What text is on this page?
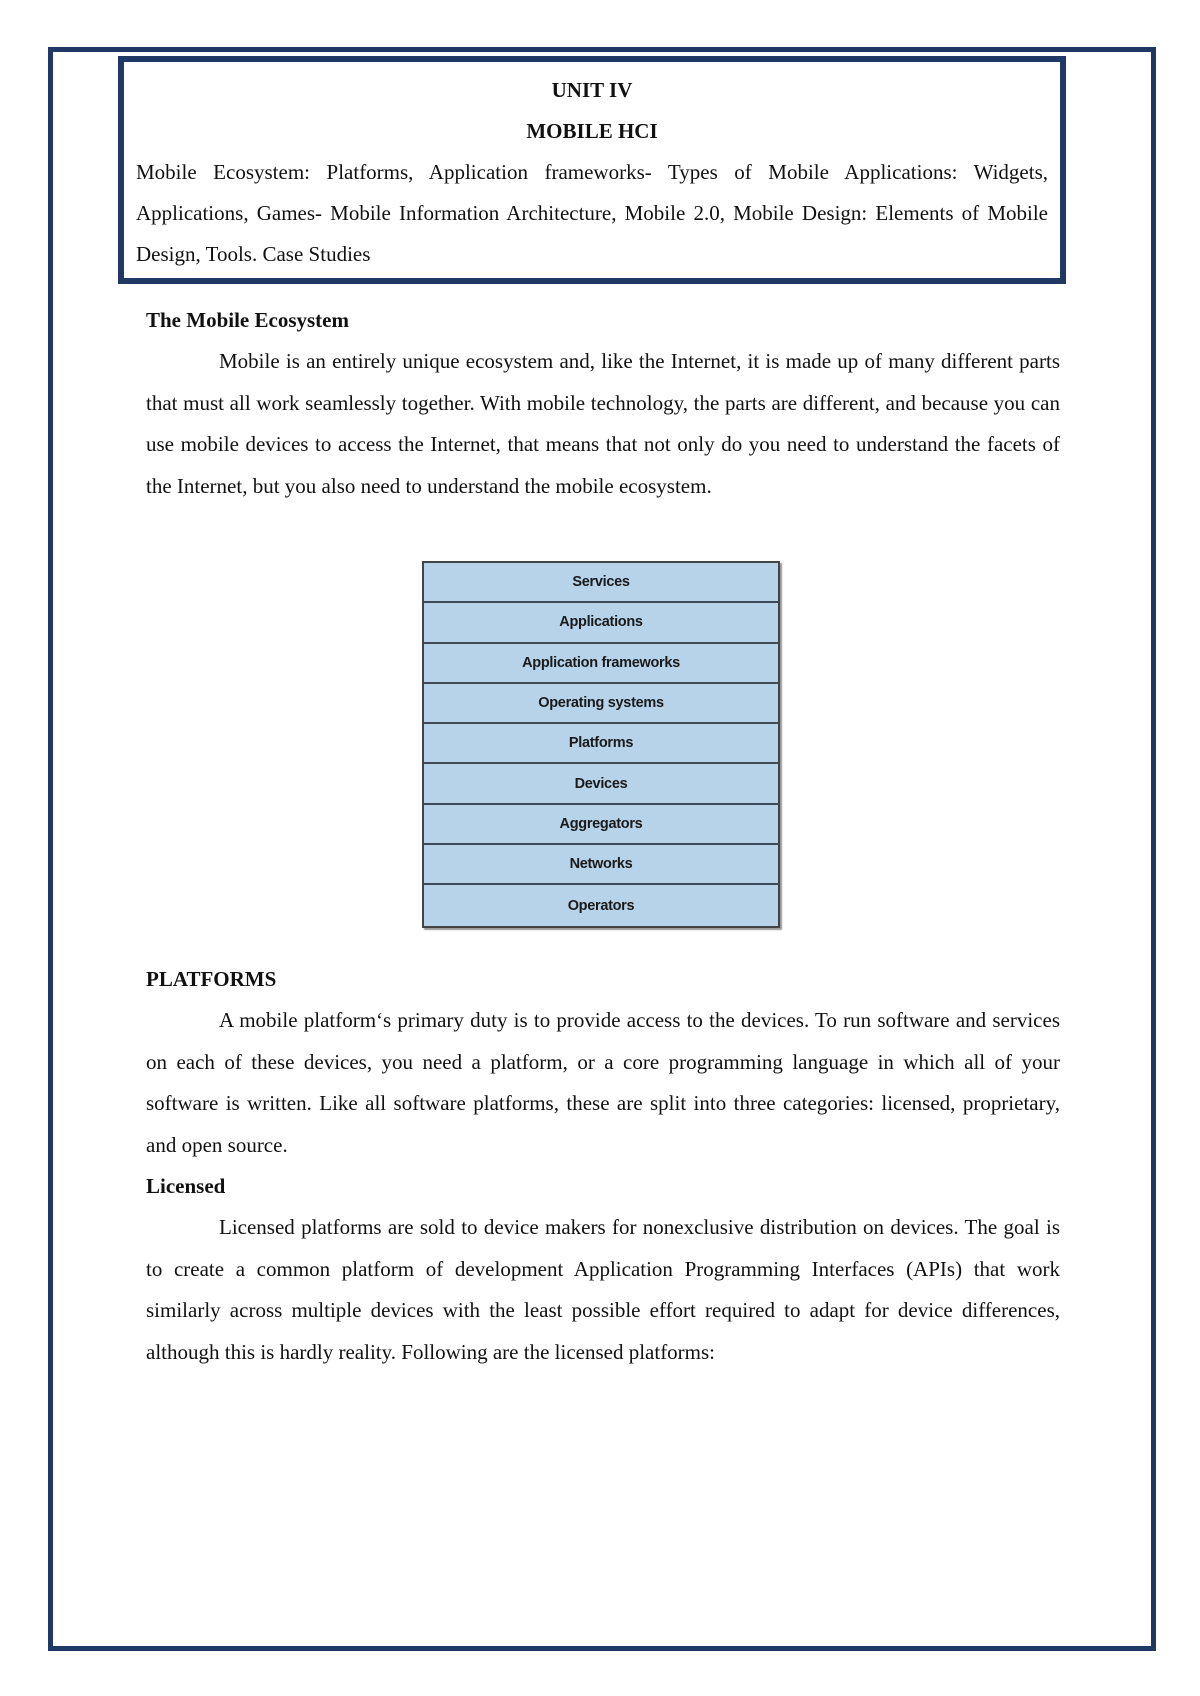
UNIT IV
MOBILE HCI

Mobile Ecosystem: Platforms, Application frameworks- Types of Mobile Applications: Widgets, Applications, Games- Mobile Information Architecture, Mobile 2.0, Mobile Design: Elements of Mobile Design, Tools. Case Studies

The Mobile Ecosystem

Mobile is an entirely unique ecosystem and, like the Internet, it is made up of many different parts that must all work seamlessly together. With mobile technology, the parts are different, and because you can use mobile devices to access the Internet, that means that not only do you need to understand the facets of the Internet, but you also need to understand the mobile ecosystem.

Services
Applications
Application frameworks
Operating systems
Platforms
Devices
Aggregators
Networks
Operators

PLATFORMS

A mobile platform‘s primary duty is to provide access to the devices. To run software and services on each of these devices, you need a platform, or a core programming language in which all of your software is written. Like all software platforms, these are split into three categories: licensed, proprietary, and open source.

Licensed

Licensed platforms are sold to device makers for nonexclusive distribution on devices. The goal is to create a common platform of development Application Programming Interfaces (APIs) that work similarly across multiple devices with the least possible effort required to adapt for device differences, although this is hardly reality. Following are the licensed platforms:
